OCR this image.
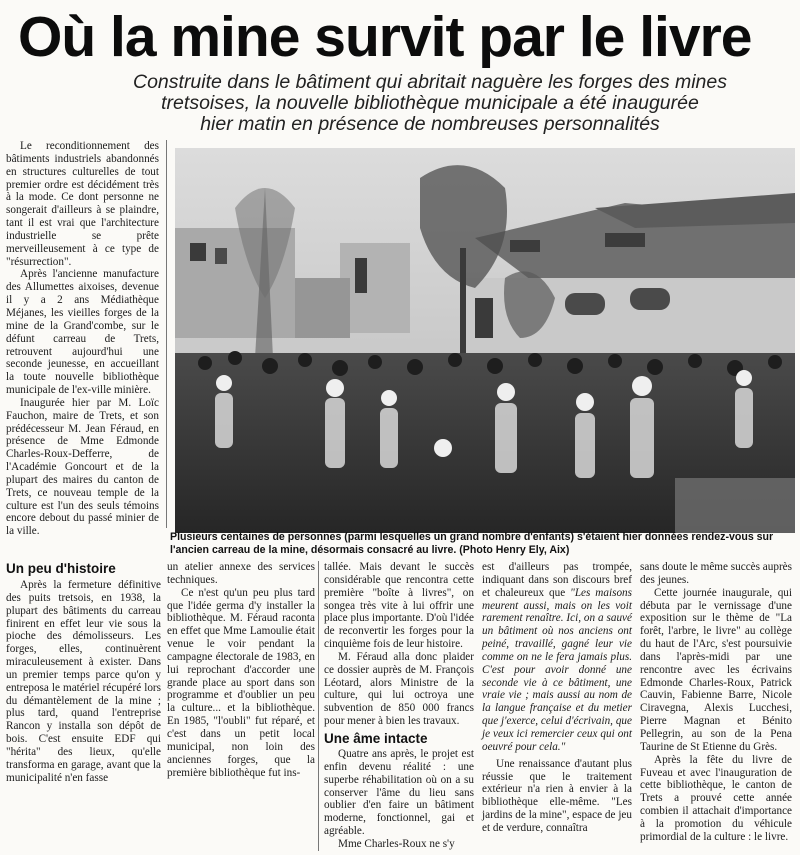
Où la mine survit par le livre
Construite dans le bâtiment qui abritait naguère les forges des mines
tretsoises, la nouvelle bibliothèque municipale a été inaugurée
hier matin en présence de nombreuses personnalités

Le reconditionnement des bâtiments industriels abandonnés en structures culturelles de tout premier ordre est décidément très à la mode. Ce dont personne ne songerait d'ailleurs à se plaindre, tant il est vrai que l'architecture industrielle se prête merveilleusement à ce type de "résurrection".

Après l'ancienne manufacture des Allumettes aixoises, devenue il y a 2 ans Médiathèque Méjanes, les vieilles forges de la mine de la Grand'combe, sur le défunt carreau de Trets, retrouvent aujourd'hui une seconde jeunesse, en accueillant la toute nouvelle bibliothèque municipale de l'ex-ville minière.

Inaugurée hier par M. Loïc Fauchon, maire de Trets, et son prédécesseur M. Jean Féraud, en présence de Mme Edmonde Charles-Roux-Defferre, de l'Académie Goncourt et de la plupart des maires du canton de Trets, ce nouveau temple de la culture est l'un des seuls témoins encore debout du passé minier de la ville.	Plusieurs centaines de personnes (parmi lesquelles un grand nombre d'enfants) s'étaient hier données rendez-vous sur
l'ancien carreau de la mine, désormais consacré au livre. (Photo Henry Ely, Aix)
Un peu d'histoire

Après la fermeture définitive des puits tretsois, en 1938, la plupart des bâtiments du carreau finirent en effet leur vie sous la pioche des démolisseurs. Les forges, elles, continuèrent miraculeusement à exister. Dans un premier temps parce qu'on y entreposa le matériel récupéré lors du démantèlement de la mine ; plus tard, quand l'entreprise Rancon y installa son dépôt de bois. C'est ensuite EDF qui "hérita" des lieux, qu'elle transforma en garage, avant que la municipalité n'en fasse

un atelier annexe des services techniques.

Ce n'est qu'un peu plus tard que l'idée germa d'y installer la bibliothèque. M. Féraud raconta en effet que Mme Lamoulie était venue le voir pendant la campagne électorale de 1983, en lui reprochant d'accorder une grande place au sport dans son programme et d'oublier un peu la culture... et la bibliothèque. En 1985, "l'oubli" fut réparé, et c'est dans un petit local municipal, non loin des anciennes forges, que la première bibliothèque fut ins-

tallée. Mais devant le succès considérable que rencontra cette première "boîte à livres", on songea très vite à lui offrir une place plus importante. D'où l'idée de reconvertir les forges pour la cinquième fois de leur histoire.

M. Féraud alla donc plaider ce dossier auprès de M. François Léotard, alors Ministre de la culture, qui lui octroya une subvention de 850 000 francs pour mener à bien les travaux.

Une âme intacte

Quatre ans après, le projet est enfin devenu réalité : une superbe réhabilitation où on a su conserver l'âme du lieu sans oublier d'en faire un bâtiment moderne, fonctionnel, gai et agréable.

Mme Charles-Roux ne s'y

est d'ailleurs pas trompée, indiquant dans son discours bref et chaleureux que "Les maisons meurent aussi, mais on les voit rarement renaître. Ici, on a sauvé un bâtiment où nos anciens ont peiné, travaillé, gagné leur vie comme on ne le fera jamais plus. C'est pour avoir donné une seconde vie à ce bâtiment, une vraie vie ; mais aussi au nom de la langue française et du metier que j'exerce, celui d'écrivain, que je veux ici remercier ceux qui ont oeuvré pour cela."

Une renaissance d'autant plus réussie que le traitement extérieur n'a rien à envier à la bibliothèque elle-même. "Les jardins de la mine", espace de jeu et de verdure, connaîtra

sans doute le même succès auprès des jeunes.

Cette journée inaugurale, qui débuta par le vernissage d'une exposition sur le thème de "La forêt, l'arbre, le livre" au collège du haut de l'Arc, s'est poursuivie dans l'après-midi par une rencontre avec les écrivains Edmonde Charles-Roux, Patrick Cauvin, Fabienne Barre, Nicole Ciravegna, Alexis Lucchesi, Pierre Magnan et Bénito Pellegrin, au son de la Pena Taurine de St Etienne du Grès.

Après la fête du livre de Fuveau et avec l'inauguration de cette bibliothèque, le canton de Trets a prouvé cette année combien il attachait d'importance à la promotion du véhicule primordial de la culture : le livre.
